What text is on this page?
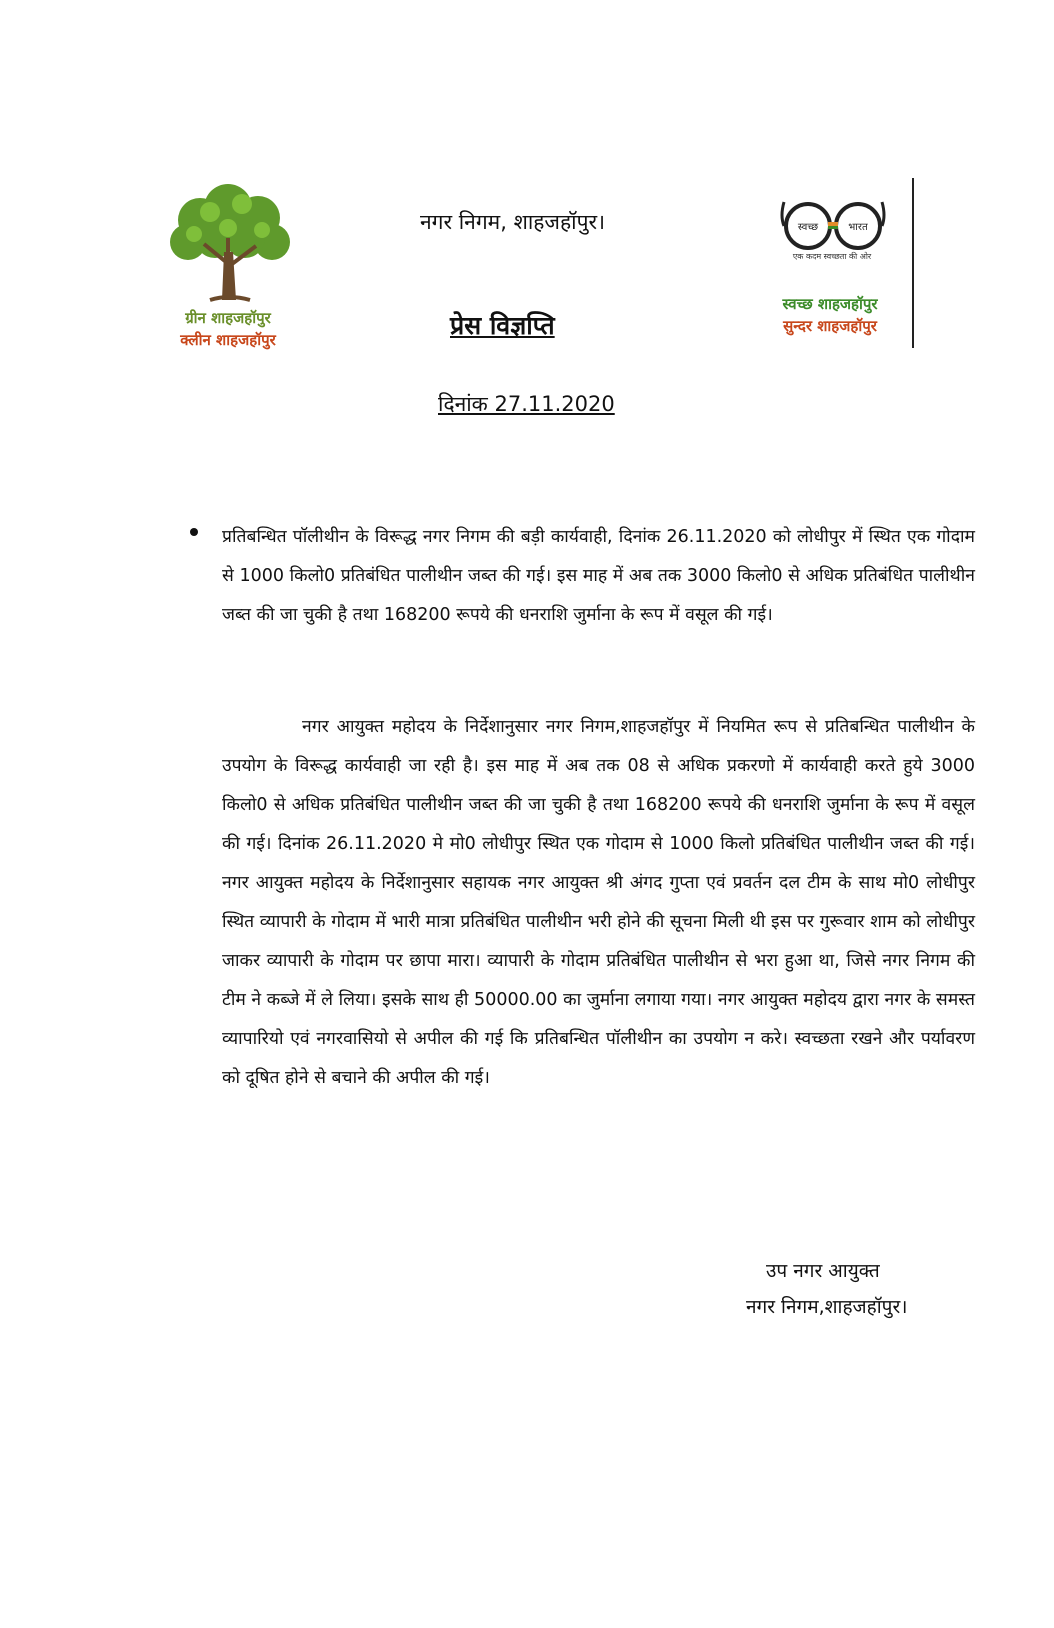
ग्रीन शाहजहॉपुर
क्लीन शाहजहॉपुर
नगर निगम, शाहजहॉपुर।
प्रेस विज्ञप्ति
दिनांक 27.11.2020
स्वच्छ	भारत
एक कदम स्वच्छता की ओर
स्वच्छ शाहजहॉपुर
सुन्दर शाहजहॉपुर
प्रतिबन्धित पॉलीथीन के विरूद्ध नगर निगम की बड़ी कार्यवाही, दिनांक 26.11.2020 को लोधीपुर में स्थित एक गोदाम से 1000 किलो0 प्रतिबंधित पालीथीन जब्त की गई। इस माह में अब तक 3000 किलो0 से अधिक प्रतिबंधित पालीथीन जब्त की जा चुकी है तथा 168200 रूपये की धनराशि जुर्माना के रूप में वसूल की गई।
नगर आयुक्त महोदय के निर्देशानुसार नगर निगम,शाहजहॉपुर में नियमित रूप से प्रतिबन्धित पालीथीन के उपयोग के विरूद्ध कार्यवाही जा रही है। इस माह में अब तक 08 से अधिक प्रकरणो में कार्यवाही करते हुये 3000 किलो0 से अधिक प्रतिबंधित पालीथीन जब्त की जा चुकी है तथा 168200 रूपये की धनराशि जुर्माना के रूप में वसूल की गई। दिनांक 26.11.2020 मे मो0 लोधीपुर स्थित एक गोदाम से 1000 किलो प्रतिबंधित पालीथीन जब्त की गई। नगर आयुक्त महोदय के निर्देशानुसार सहायक नगर आयुक्त श्री अंगद गुप्ता एवं प्रवर्तन दल टीम के साथ मो0 लोधीपुर स्थित व्यापारी के गोदाम में भारी मात्रा प्रतिबंधित पालीथीन भरी होने की सूचना मिली थी इस पर गुरूवार शाम को लोधीपुर जाकर व्यापारी के गोदाम पर छापा मारा। व्यापारी के गोदाम प्रतिबंधित पालीथीन से भरा हुआ था, जिसे नगर निगम की टीम ने कब्जे में ले लिया। इसके साथ ही 50000.00 का जुर्माना लगाया गया। नगर आयुक्त महोदय द्वारा नगर के समस्त व्यापारियो एवं नगरवासियो से अपील की गई कि प्रतिबन्धित पॉलीथीन का उपयोग न करे। स्वच्छता रखने और पर्यावरण को दूषित होने से बचाने की अपील की गई।
उप नगर आयुक्त
नगर निगम,शाहजहॉपुर।
